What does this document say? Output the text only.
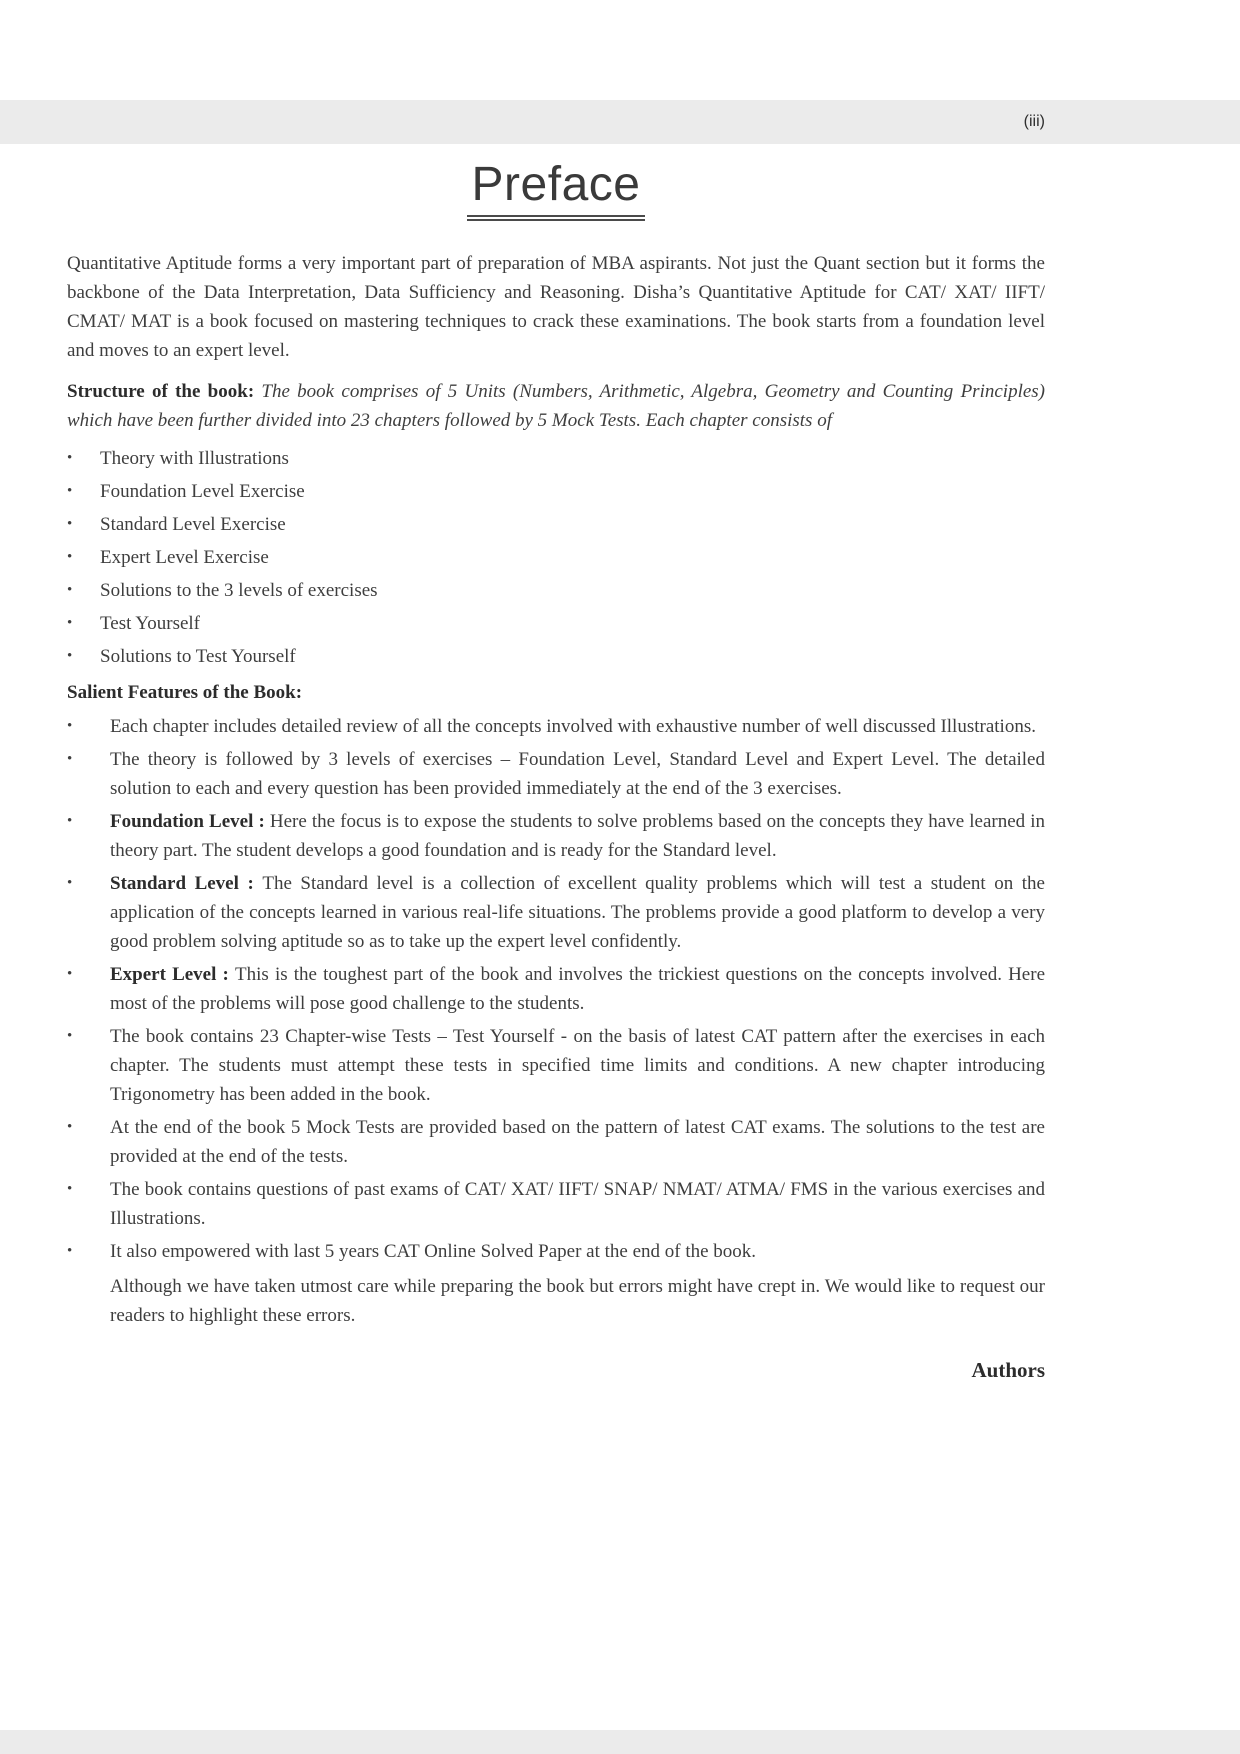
(iii)
Preface

Quantitative Aptitude forms a very important part of preparation of MBA aspirants. Not just the Quant section but it forms the backbone of the Data Interpretation, Data Sufficiency and Reasoning. Disha’s Quantitative Aptitude for CAT/ XAT/ IIFT/ CMAT/ MAT is a book focused on mastering techniques to crack these examinations. The book starts from a foundation level and moves to an expert level.

Structure of the book: The book comprises of 5 Units (Numbers, Arithmetic, Algebra, Geometry and Counting Principles) which have been further divided into 23 chapters followed by 5 Mock Tests. Each chapter consists of

•	Theory with Illustrations
•	Foundation Level Exercise
•	Standard Level Exercise
•	Expert Level Exercise
•	Solutions to the 3 levels of exercises
•	Test Yourself
•	Solutions to Test Yourself
Salient Features of the Book:
•	Each chapter includes detailed review of all the concepts involved with exhaustive number of well discussed Illustrations.
•	The theory is followed by 3 levels of exercises – Foundation Level, Standard Level and Expert Level. The detailed solution to each and every question has been provided immediately at the end of the 3 exercises.
•	Foundation Level : Here the focus is to expose the students to solve problems based on the concepts they have learned in theory part. The student develops a good foundation and is ready for the Standard level.
•	Standard Level : The Standard level is a collection of excellent quality problems which will test a student on the application of the concepts learned in various real-life situations. The problems provide a good platform to develop a very good problem solving aptitude so as to take up the expert level confidently.
•	Expert Level : This is the toughest part of the book and involves the trickiest questions on the concepts involved. Here most of the problems will pose good challenge to the students.
•	The book contains 23 Chapter-wise Tests – Test Yourself - on the basis of latest CAT pattern after the exercises in each chapter. The students must attempt these tests in specified time limits and conditions. A new chapter introducing Trigonometry has been added in the book.
•	At the end of the book 5 Mock Tests are provided based on the pattern of latest CAT exams. The solutions to the test are provided at the end of the tests.
•	The book contains questions of past exams of CAT/ XAT/ IIFT/ SNAP/ NMAT/ ATMA/ FMS in the various exercises and Illustrations.
•	It also empowered with last 5 years CAT Online Solved Paper at the end of the book.

Although we have taken utmost care while preparing the book but errors might have crept in. We would like to request our readers to highlight these errors.

Authors
